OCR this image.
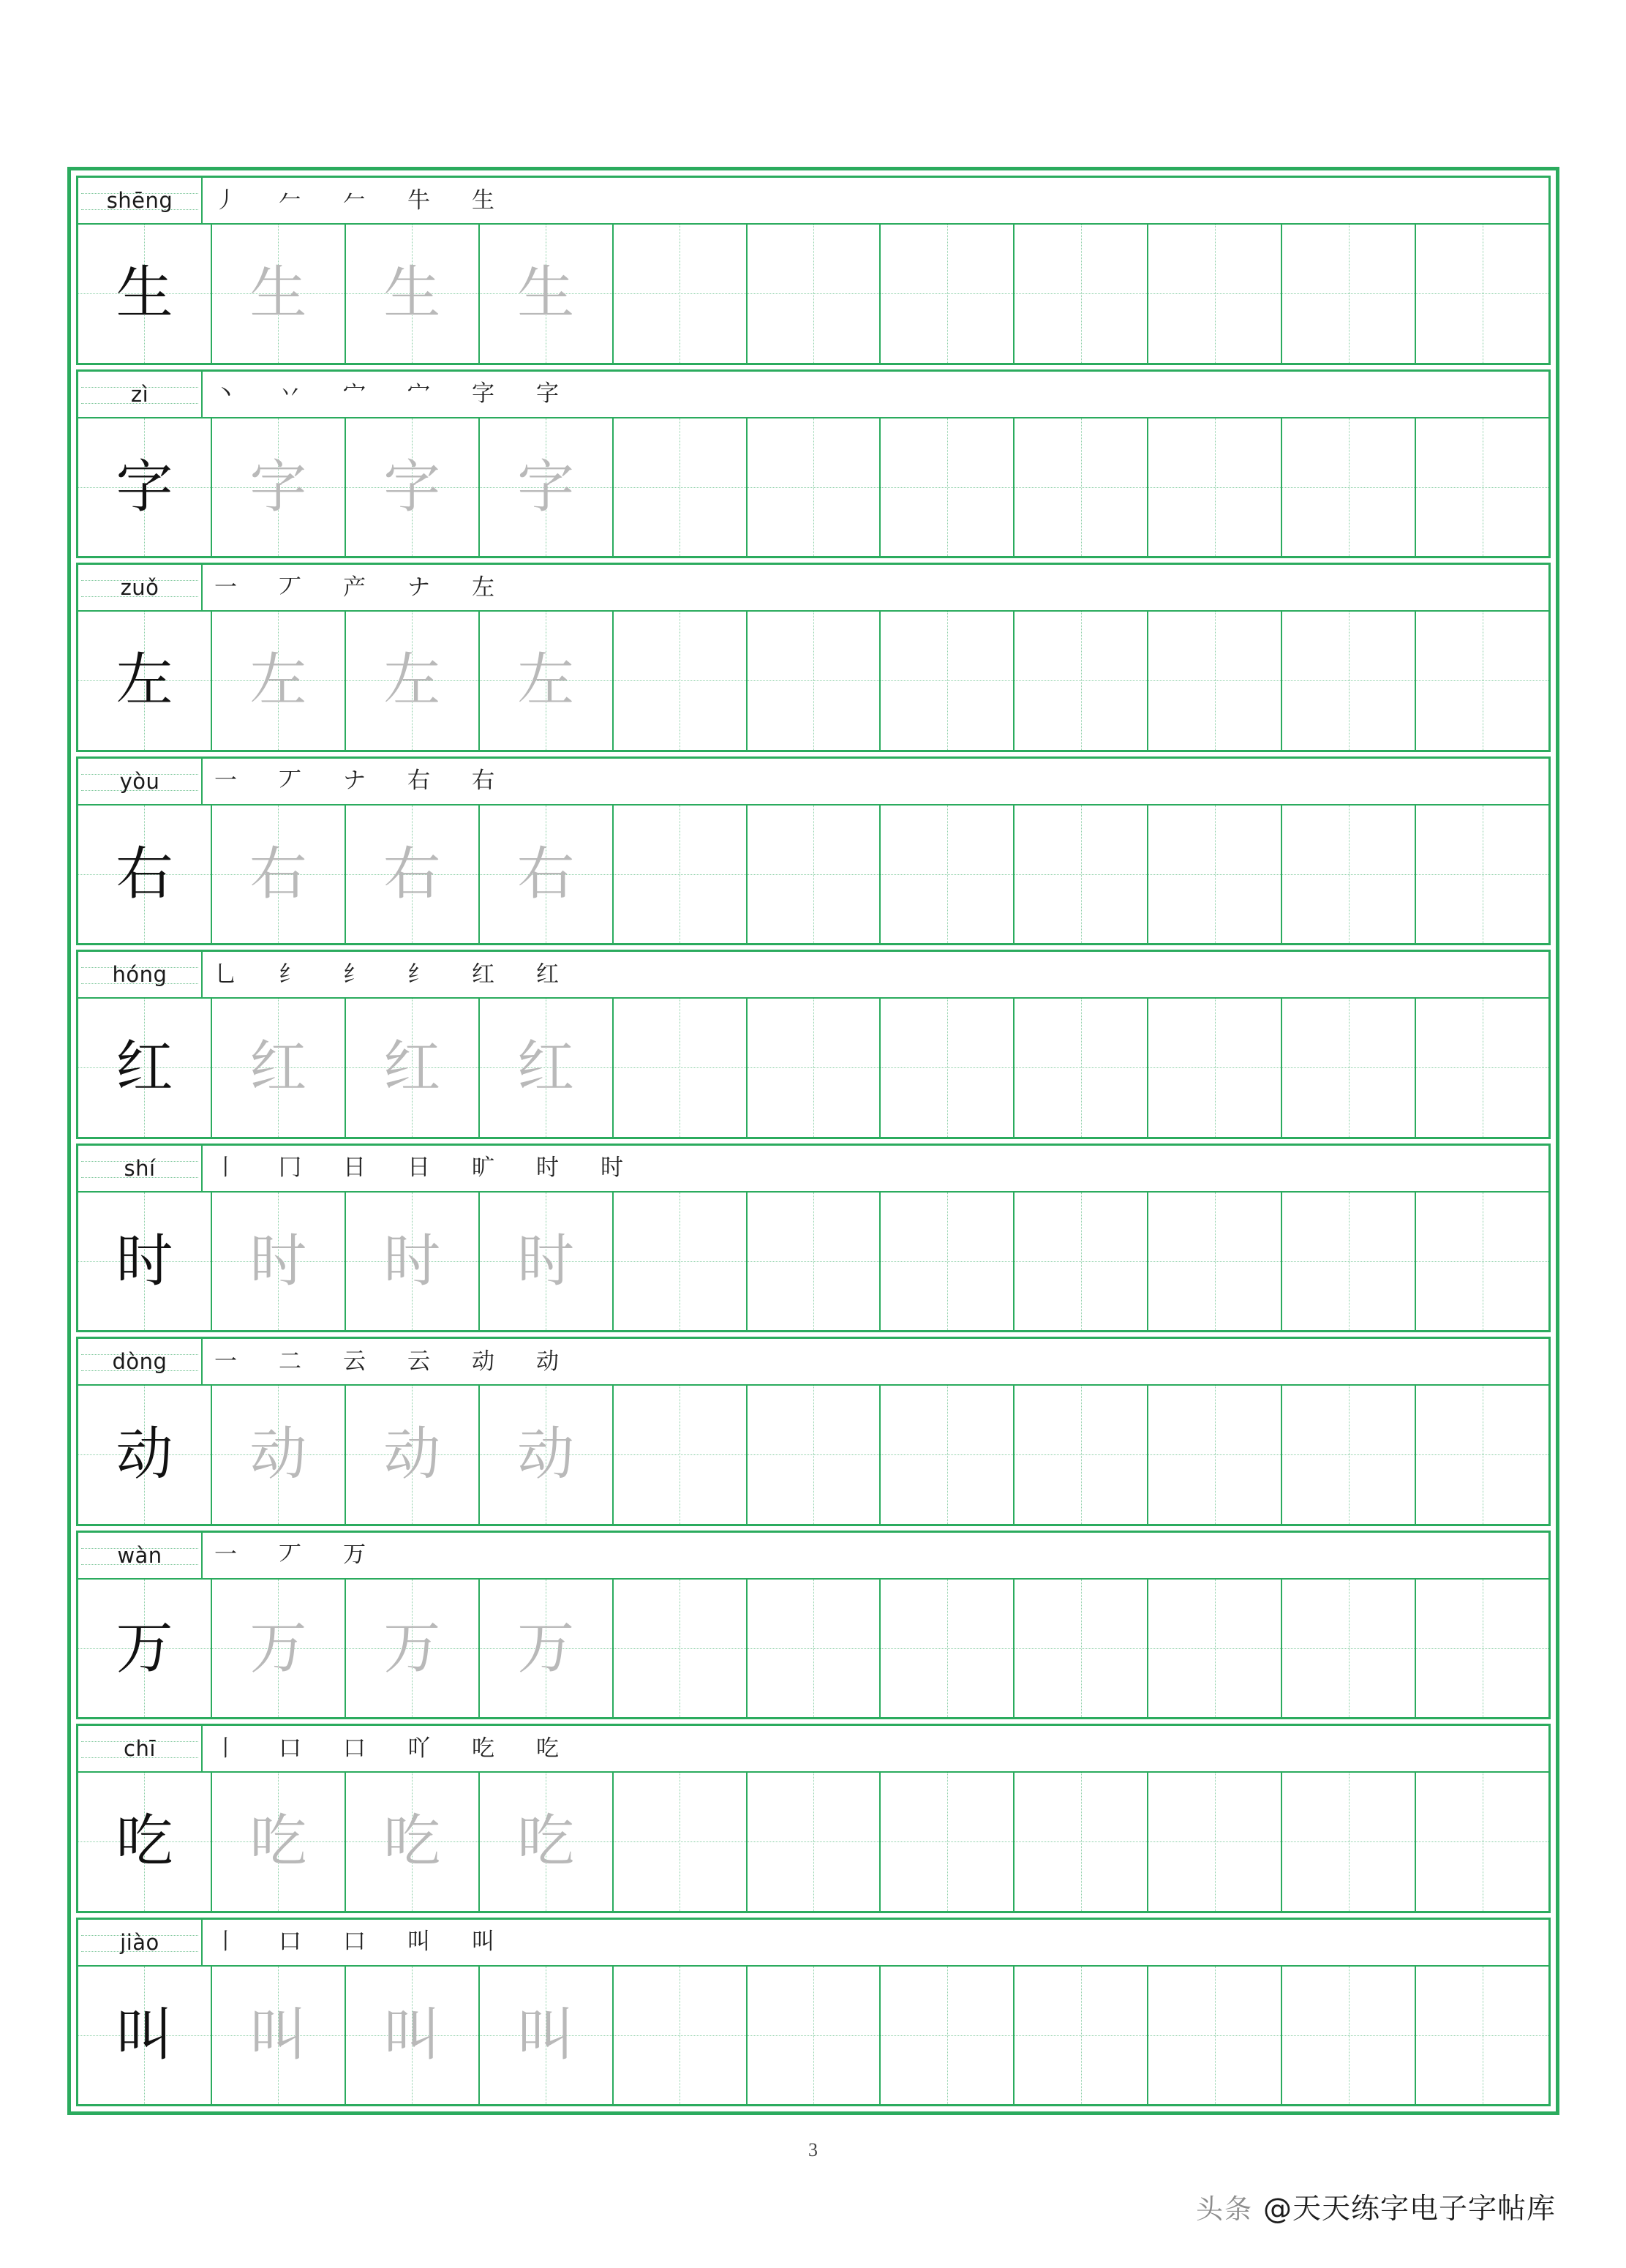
shēng 丿	𠂉	𠂉	牛	生
生 生 生 生
zì	丶	丷	宀	宀	字	字
字 字 字 字
zuǒ 一	丆	产	ナ	左
左 左 左 左
yòu 一	丆	ナ	右	右
右 右 右 右
hóng 乚	纟	纟	纟	红	红
红 红 红 红
shí	丨	冂	日	日	旷	时	时
时 时 时 时
dòng 一	二	云	云	动	动
动 动 动 动
wàn 一	丆	万
万 万 万 万
chī	丨	口	口	吖	吃	吃
吃 吃 吃 吃
jiào 丨	口	口	叫	叫
叫 叫 叫 叫
3
头条 @天天练字电子字帖库
